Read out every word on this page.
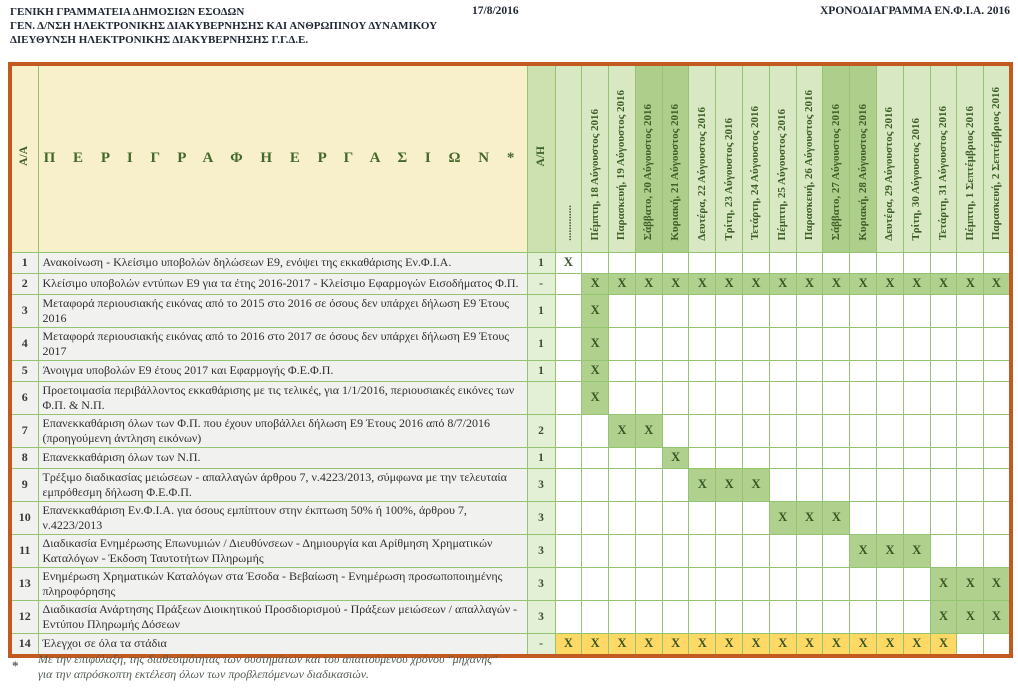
ΓΕΝΙΚΗ ΓΡΑΜΜΑΤΕΙΑ ΔΗΜΟΣΙΩΝ ΕΣΟΔΩΝ
ΓΕΝ. Δ/ΝΣΗ ΗΛΕΚΤΡΟΝΙΚΗΣ ΔΙΑΚΥΒΕΡΝΗΣΗΣ ΚΑΙ ΑΝΘΡΩΠΙΝΟΥ ΔΥΝΑΜΙΚΟΥ
ΔΙΕΥΘΥΝΣΗ ΗΛΕΚΤΡΟΝΙΚΗΣ ΔΙΑΚΥΒΕΡΝΗΣΗΣ Γ.Γ.Δ.Ε.
17/8/2016	ΧΡΟΝΟΔΙΑΓΡΑΜΜΑ ΕΝ.Φ.Ι.Α. 2016
Α/Α	Π Ε Ρ Ι Γ Ρ Α Φ Η Ε Ρ Γ Α Σ Ι Ω Ν *	Α/Η	.............	Πέμπτη, 18 Αύγουστος 2016	Παρασκευή, 19 Αύγουστος 2016	Σάββατο, 20 Αύγουστος 2016	Κυριακή, 21 Αύγουστος 2016	Δευτέρα, 22 Αύγουστος 2016	Τρίτη, 23 Αύγουστος 2016	Τετάρτη, 24 Αύγουστος 2016	Πέμπτη, 25 Αύγουστος 2016	Παρασκευή, 26 Αύγουστος 2016	Σάββατο, 27 Αύγουστος 2016	Κυριακή, 28 Αύγουστος 2016	Δευτέρα, 29 Αύγουστος 2016	Τρίτη, 30 Αύγουστος 2016	Τετάρτη, 31 Αύγουστος 2016	Πέμπτη, 1 Σεπτέμβριος 2016	Παρασκευή, 2 Σεπτέμβριος 2016
1	Ανακοίνωση - Κλείσιμο υποβολών δηλώσεων Ε9, ενόψει της εκκαθάρισης Εν.Φ.Ι.Α.	1	X																
2	Κλείσιμο υποβολών εντύπων Ε9 για τα έτης 2016-2017 - Κλείσιμο Εφαρμογών Εισοδήματος Φ.Π.	-		X	X	X	X	X	X	X	X	X	X	X	X	X	X	X	X
3	Μεταφορά περιουσιακής εικόνας από το 2015 στο 2016 σε όσους δεν υπάρχει δήλωση Ε9 Έτους 2016	1		X															
4	Μεταφορά περιουσιακής εικόνας από το 2016 στο 2017 σε όσους δεν υπάρχει δήλωση Ε9 Έτους 2017	1		X															
5	Άνοιγμα υποβολών Ε9 έτους 2017 και Εφαρμογής Φ.Ε.Φ.Π.	1		X															
6	Προετοιμασία περιβάλλοντος εκκαθάρισης με τις τελικές, για 1/1/2016, περιουσιακές εικόνες των Φ.Π. & Ν.Π.			X															
7	Επανεκκαθάριση όλων των Φ.Π. που έχουν υποβάλλει δήλωση Ε9 Έτους 2016 από 8/7/2016 (προηγούμενη άντληση εικόνων)	2			X	X													
8	Επανεκκαθάριση όλων των Ν.Π.	1					X												
9	Τρέξιμο διαδικασίας μειώσεων - απαλλαγών άρθρου 7, ν.4223/2013, σύμφωνα με την τελευταία εμπρόθεσμη δήλωση Φ.Ε.Φ.Π.	3						X	X	X									
10	Επανεκκαθάριση Εν.Φ.Ι.Α. για όσους εμπίπτουν στην έκπτωση 50% ή 100%, άρθρου 7, ν.4223/2013	3									X	X	X						
11	Διαδικασία Ενημέρωσης Επωνυμιών / Διευθύνσεων - Δημιουργία και Αρίθμηση Χρηματικών Καταλόγων - Έκδοση Ταυτοτήτων Πληρωμής	3												X	X	X			
13	Ενημέρωση Χρηματικών Καταλόγων στα Έσοδα - Βεβαίωση - Ενημέρωση προσωποποιημένης πληροφόρησης	3															X	X	X
12	Διαδικασία Ανάρτησης Πράξεων Διοικητικού Προσδιορισμού - Πράξεων μειώσεων / απαλλαγών - Εντύπου Πληρωμής Δόσεων	3															X	X	X
14	Έλεγχοι σε όλα τα στάδια	-	X	X	X	X	X	X	X	X	X	X	X	X	X	X	X		
* Με την επιφύλαξη, της διαθεσιμότητας των συστημάτων και του απαιτούμενου χρόνου "μηχανής"
για την απρόσκοπτη εκτέλεση όλων των προβλεπόμενων διαδικασιών.
